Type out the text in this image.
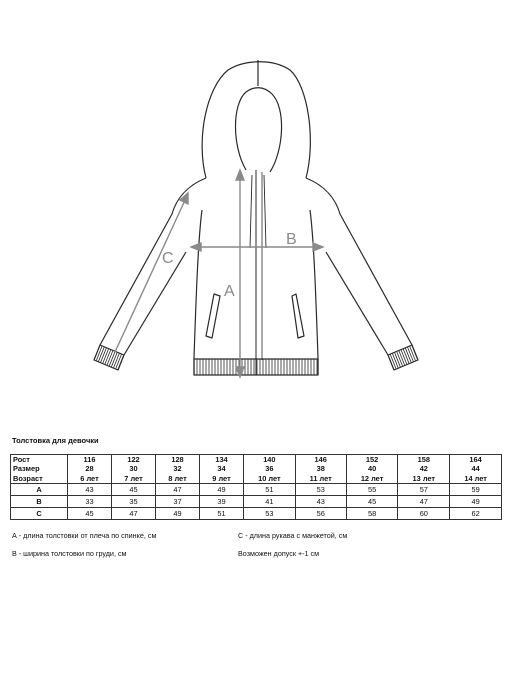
A
B
C
Толстовка для девочки
Рост	116	122	128	134	140	146	152	158	164
Размер	28	30	32	34	36	38	40	42	44
Возраст	6 лет	7 лет	8 лет	9 лет	10 лет	11 лет	12 лет	13 лет	14 лет
A	43	45	47	49	51	53	55	57	59
B	33	35	37	39	41	43	45	47	49
C	45	47	49	51	53	56	58	60	62
А - длина толстовки от плеча по спинке, см	С - длина рукава с манжетой, см
В - ширина толстовки по груди, см	Возможен допуск +-1 см
